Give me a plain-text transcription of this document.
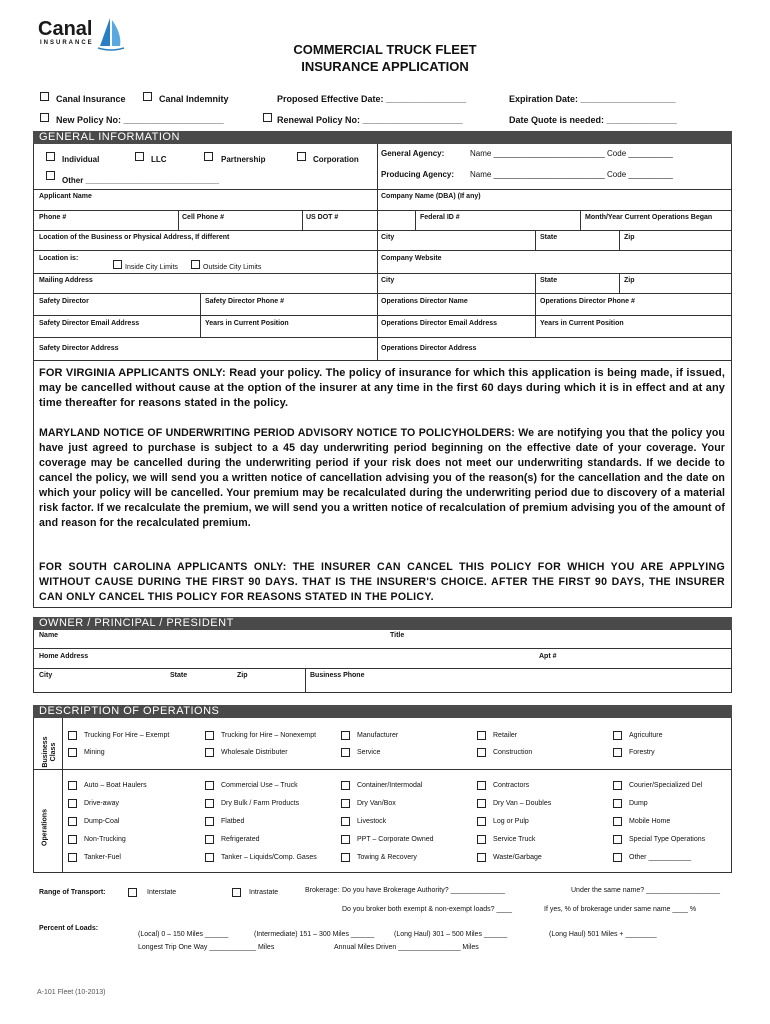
Canal
INSURANCE	COMMERCIAL TRUCK FLEET
INSURANCE APPLICATION
Canal Insurance	Canal Indemnity	Proposed Effective Date: ________________	Expiration Date: ___________________
New Policy No: ____________________	Renewal Policy No: ____________________	Date Quote is needed: ______________
GENERAL INFORMATION
Individual	LLC	Partnership	Corporation
Other ______________________________
General Agency:	Name _________________________ Code __________
Producing Agency: Name _________________________ Code __________
Applicant Name	Company Name (DBA) (If any)
Phone #	Cell Phone #	US DOT #	Federal ID #	Month/Year Current Operations Began
Location of the Business or Physical Address, If different	City	State	Zip
Location is:
Inside City Limits	Outside City Limits
Company Website
Mailing Address	City	State	Zip
Safety Director	Safety Director Phone #	Operations Director Name	Operations Director Phone #
Safety Director Email Address	Years in Current Position	Operations Director Email Address	Years in Current Position
Safety Director Address	Operations Director Address
FOR VIRGINIA APPLICANTS ONLY: Read your policy. The policy of insurance for which this application is being made, if issued, may be cancelled without cause at the option of the insurer at any time in the first 60 days during which it is in effect and at any time thereafter for reasons stated in the policy.
MARYLAND NOTICE OF UNDERWRITING PERIOD ADVISORY NOTICE TO POLICYHOLDERS: We are notifying you that the policy you have just agreed to purchase is subject to a 45 day underwriting period beginning on the effective date of your coverage. Your coverage may be cancelled during the underwriting period if your risk does not meet our underwriting standards. If we decide to cancel the policy, we will send you a written notice of cancellation advising you of the reason(s) for the cancellation and the date on which your policy will be cancelled. Your premium may be recalculated during the underwriting period due to discovery of a material risk factor. If we recalculate the premium, we will send you a written notice of recalculation of premium advising you of the amount of and reason for the recalculated premium.
FOR SOUTH CAROLINA APPLICANTS ONLY: THE INSURER CAN CANCEL THIS POLICY FOR WHICH YOU ARE APPLYING WITHOUT CAUSE DURING THE FIRST 90 DAYS. THAT IS THE INSURER'S CHOICE. AFTER THE FIRST 90 DAYS, THE INSURER CAN ONLY CANCEL THIS POLICY FOR REASONS STATED IN THE POLICY.
OWNER / PRINCIPAL / PRESIDENT
Name	Title
Home Address	Apt #
City	State	Zip	Business Phone
DESCRIPTION OF OPERATIONS
Business Class
Operations
Trucking For Hire – Exempt	Trucking for Hire – Nonexempt	Manufacturer	Retailer	Agriculture
Mining	Wholesale Distributer	Service	Construction	Forestry
Auto – Boat Haulers	Commercial Use – Truck	Container/Intermodal	Contractors	Courier/Specialized Del
Drive-away	Dry Bulk / Farm Products	Dry Van/Box	Dry Van – Doubles	Dump
Dump-Coal	Flatbed	Livestock	Log or Pulp	Mobile Home
Non-Trucking	Refrigerated	PPT – Corporate Owned	Service Truck	Special Type Operations
Tanker-Fuel	Tanker – Liquids/Comp. Gases	Towing & Recovery	Waste/Garbage	Other ___________
Range of Transport:	Interstate	Intrastate	Brokerage: Do you have Brokerage Authority? ______________	Under the same name? ___________________
Do you broker both exempt & non-exempt loads? ____	If yes, % of brokerage under same name ____ %
Percent of Loads:
(Local) 0 – 150 Miles ______	(Intermediate) 151 – 300 Miles ______	(Long Haul) 301 – 500 Miles ______	(Long Haul) 501 Miles + ________
Longest Trip One Way ____________ Miles	Annual Miles Driven ________________ Miles
A-101 Fleet (10-2013)
